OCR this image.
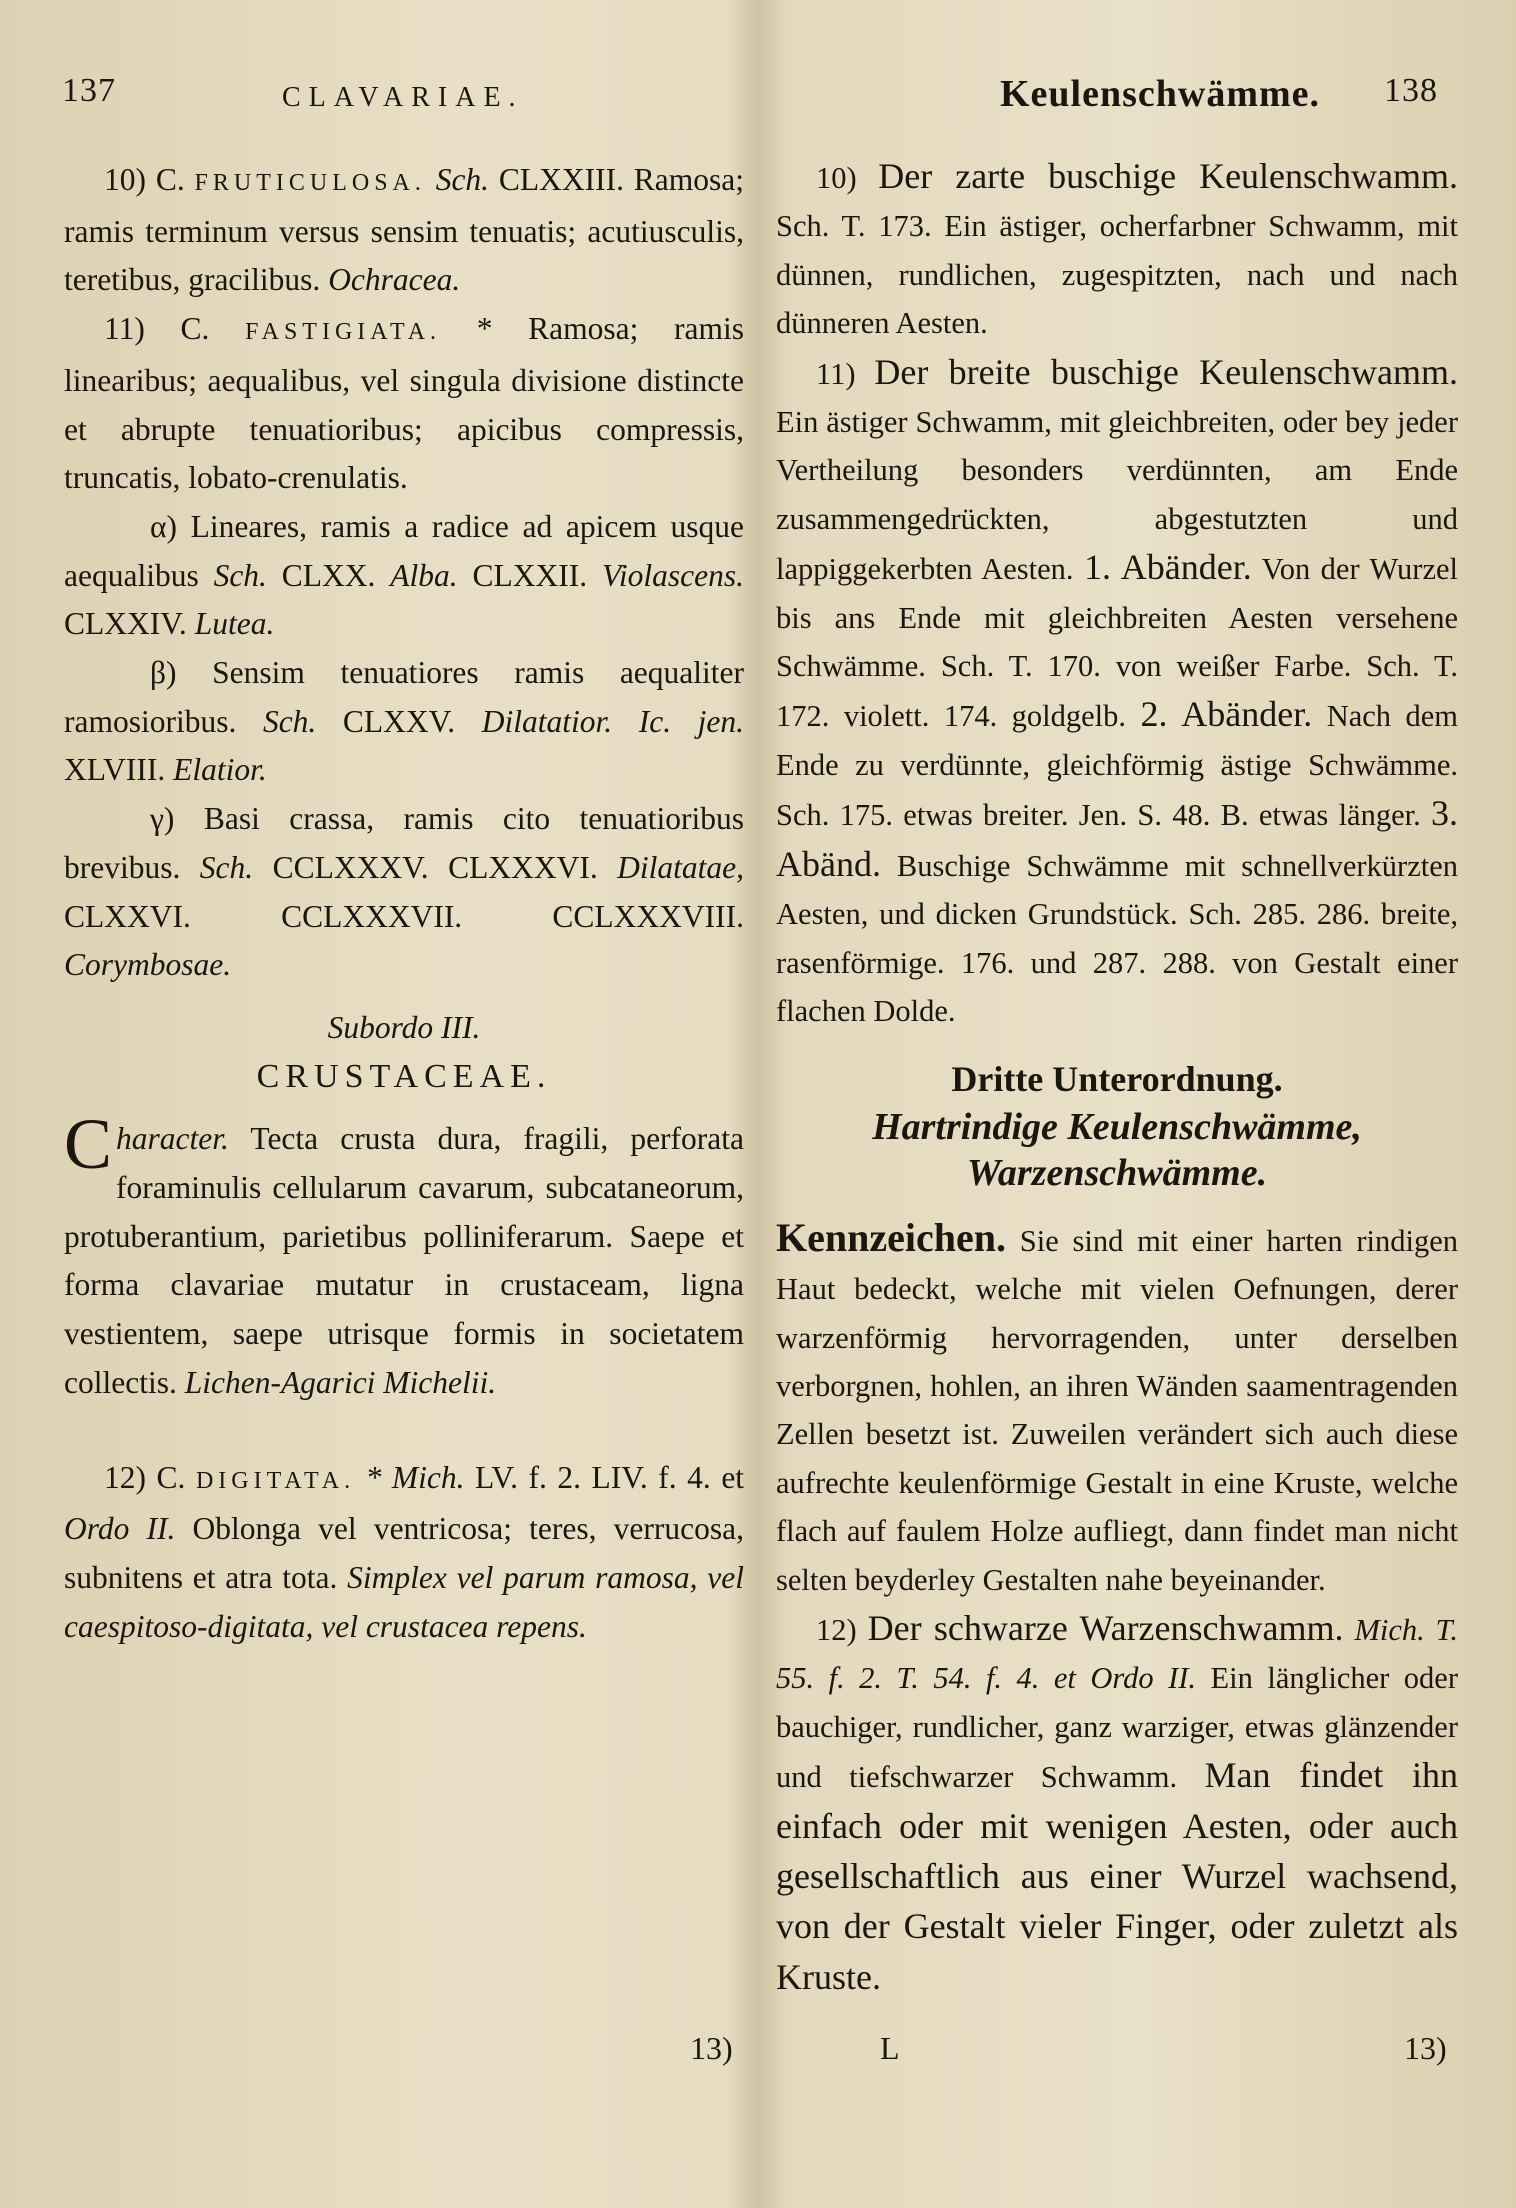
137	CLAVARIAE.	Keulenschwämme. 138

10) C. FRUTICULOSA. Sch. CLXXIII. Ramosa; ramis terminum versus sensim tenuatis; acutiusculis, teretibus, gracilibus. Ochracea.

11) C. FASTIGIATA. * Ramosa; ramis linearibus; aequalibus, vel singula divisione distincte et abrupte tenuatioribus; apicibus compressis, truncatis, lobato-crenulatis.

α) Lineares, ramis a radice ad apicem usque aequalibus Sch. CLXX. Alba. CLXXII. Violascens. CLXXIV. Lutea.

β) Sensim tenuatiores ramis aequaliter ramosioribus. Sch. CLXXV. Dilatatior. Ic. jen. XLVIII. Elatior.

γ) Basi crassa, ramis cito tenuatioribus brevibus. Sch. CCLXXXV. CLXXXVI. Dilatatae, CLXXVI. CCLXXXVII. CCLXXXVIII. Corymbosae.

Subordo III.

CRUSTACEAE.

Character. Tecta crusta dura, fragili, perforata foraminulis cellularum cavarum, subcataneorum, protuberantium, parietibus polliniferarum. Saepe et forma clavariae mutatur in crustaceam, ligna vestientem, saepe utrisque formis in societatem collectis. Lichen-Agarici Michelii.

12) C. DIGITATA. * Mich. LV. f. 2. LIV. f. 4. et Ordo II. Oblonga vel ventricosa; teres, verrucosa, subnitens et atra tota. Simplex vel parum ramosa, vel caespitoso-digitata, vel crustacea repens.

10) Der zarte buschige Keulenschwamm. Sch. T. 173. Ein ästiger, ocherfarbner Schwamm, mit dünnen, rundlichen, zugespitzten, nach und nach dünneren Aesten.

11) Der breite buschige Keulenschwamm. Ein ästiger Schwamm, mit gleichbreiten, oder bey jeder Vertheilung besonders verdünnten, am Ende zusammengedrückten, abgestutzten und lappiggekerbten Aesten. 1. Abänder. Von der Wurzel bis ans Ende mit gleichbreiten Aesten versehene Schwämme. Sch. T. 170. von weißer Farbe. Sch. T. 172. violett. 174. goldgelb. 2. Abänder. Nach dem Ende zu verdünnte, gleichförmig ästige Schwämme. Sch. 175. etwas breiter. Jen. S. 48. B. etwas länger. 3. Abänd. Buschige Schwämme mit schnellverkürzten Aesten, und dicken Grundstück. Sch. 285. 286. breite, rasenförmige. 176. und 287. 288. von Gestalt einer flachen Dolde.

Dritte Unterordnung.

Hartrindige Keulenschwämme,

Warzenschwämme.

Kennzeichen. Sie sind mit einer harten rindigen Haut bedeckt, welche mit vielen Oefnungen, derer warzenförmig hervorragenden, unter derselben verborgnen, hohlen, an ihren Wänden saamentragenden Zellen besetzt ist. Zuweilen verändert sich auch diese aufrechte keulenförmige Gestalt in eine Kruste, welche flach auf faulem Holze aufliegt, dann findet man nicht selten beyderley Gestalten nahe beyeinander.

12) Der schwarze Warzenschwamm. Mich. T. 55. f. 2. T. 54. f. 4. et Ordo II. Ein länglicher oder bauchiger, rundlicher, ganz warziger, etwas glänzender und tiefschwarzer Schwamm. Man findet ihn einfach oder mit wenigen Aesten, oder auch gesellschaftlich aus einer Wurzel wachsend, von der Gestalt vieler Finger, oder zuletzt als Kruste.

13)	L	13)
